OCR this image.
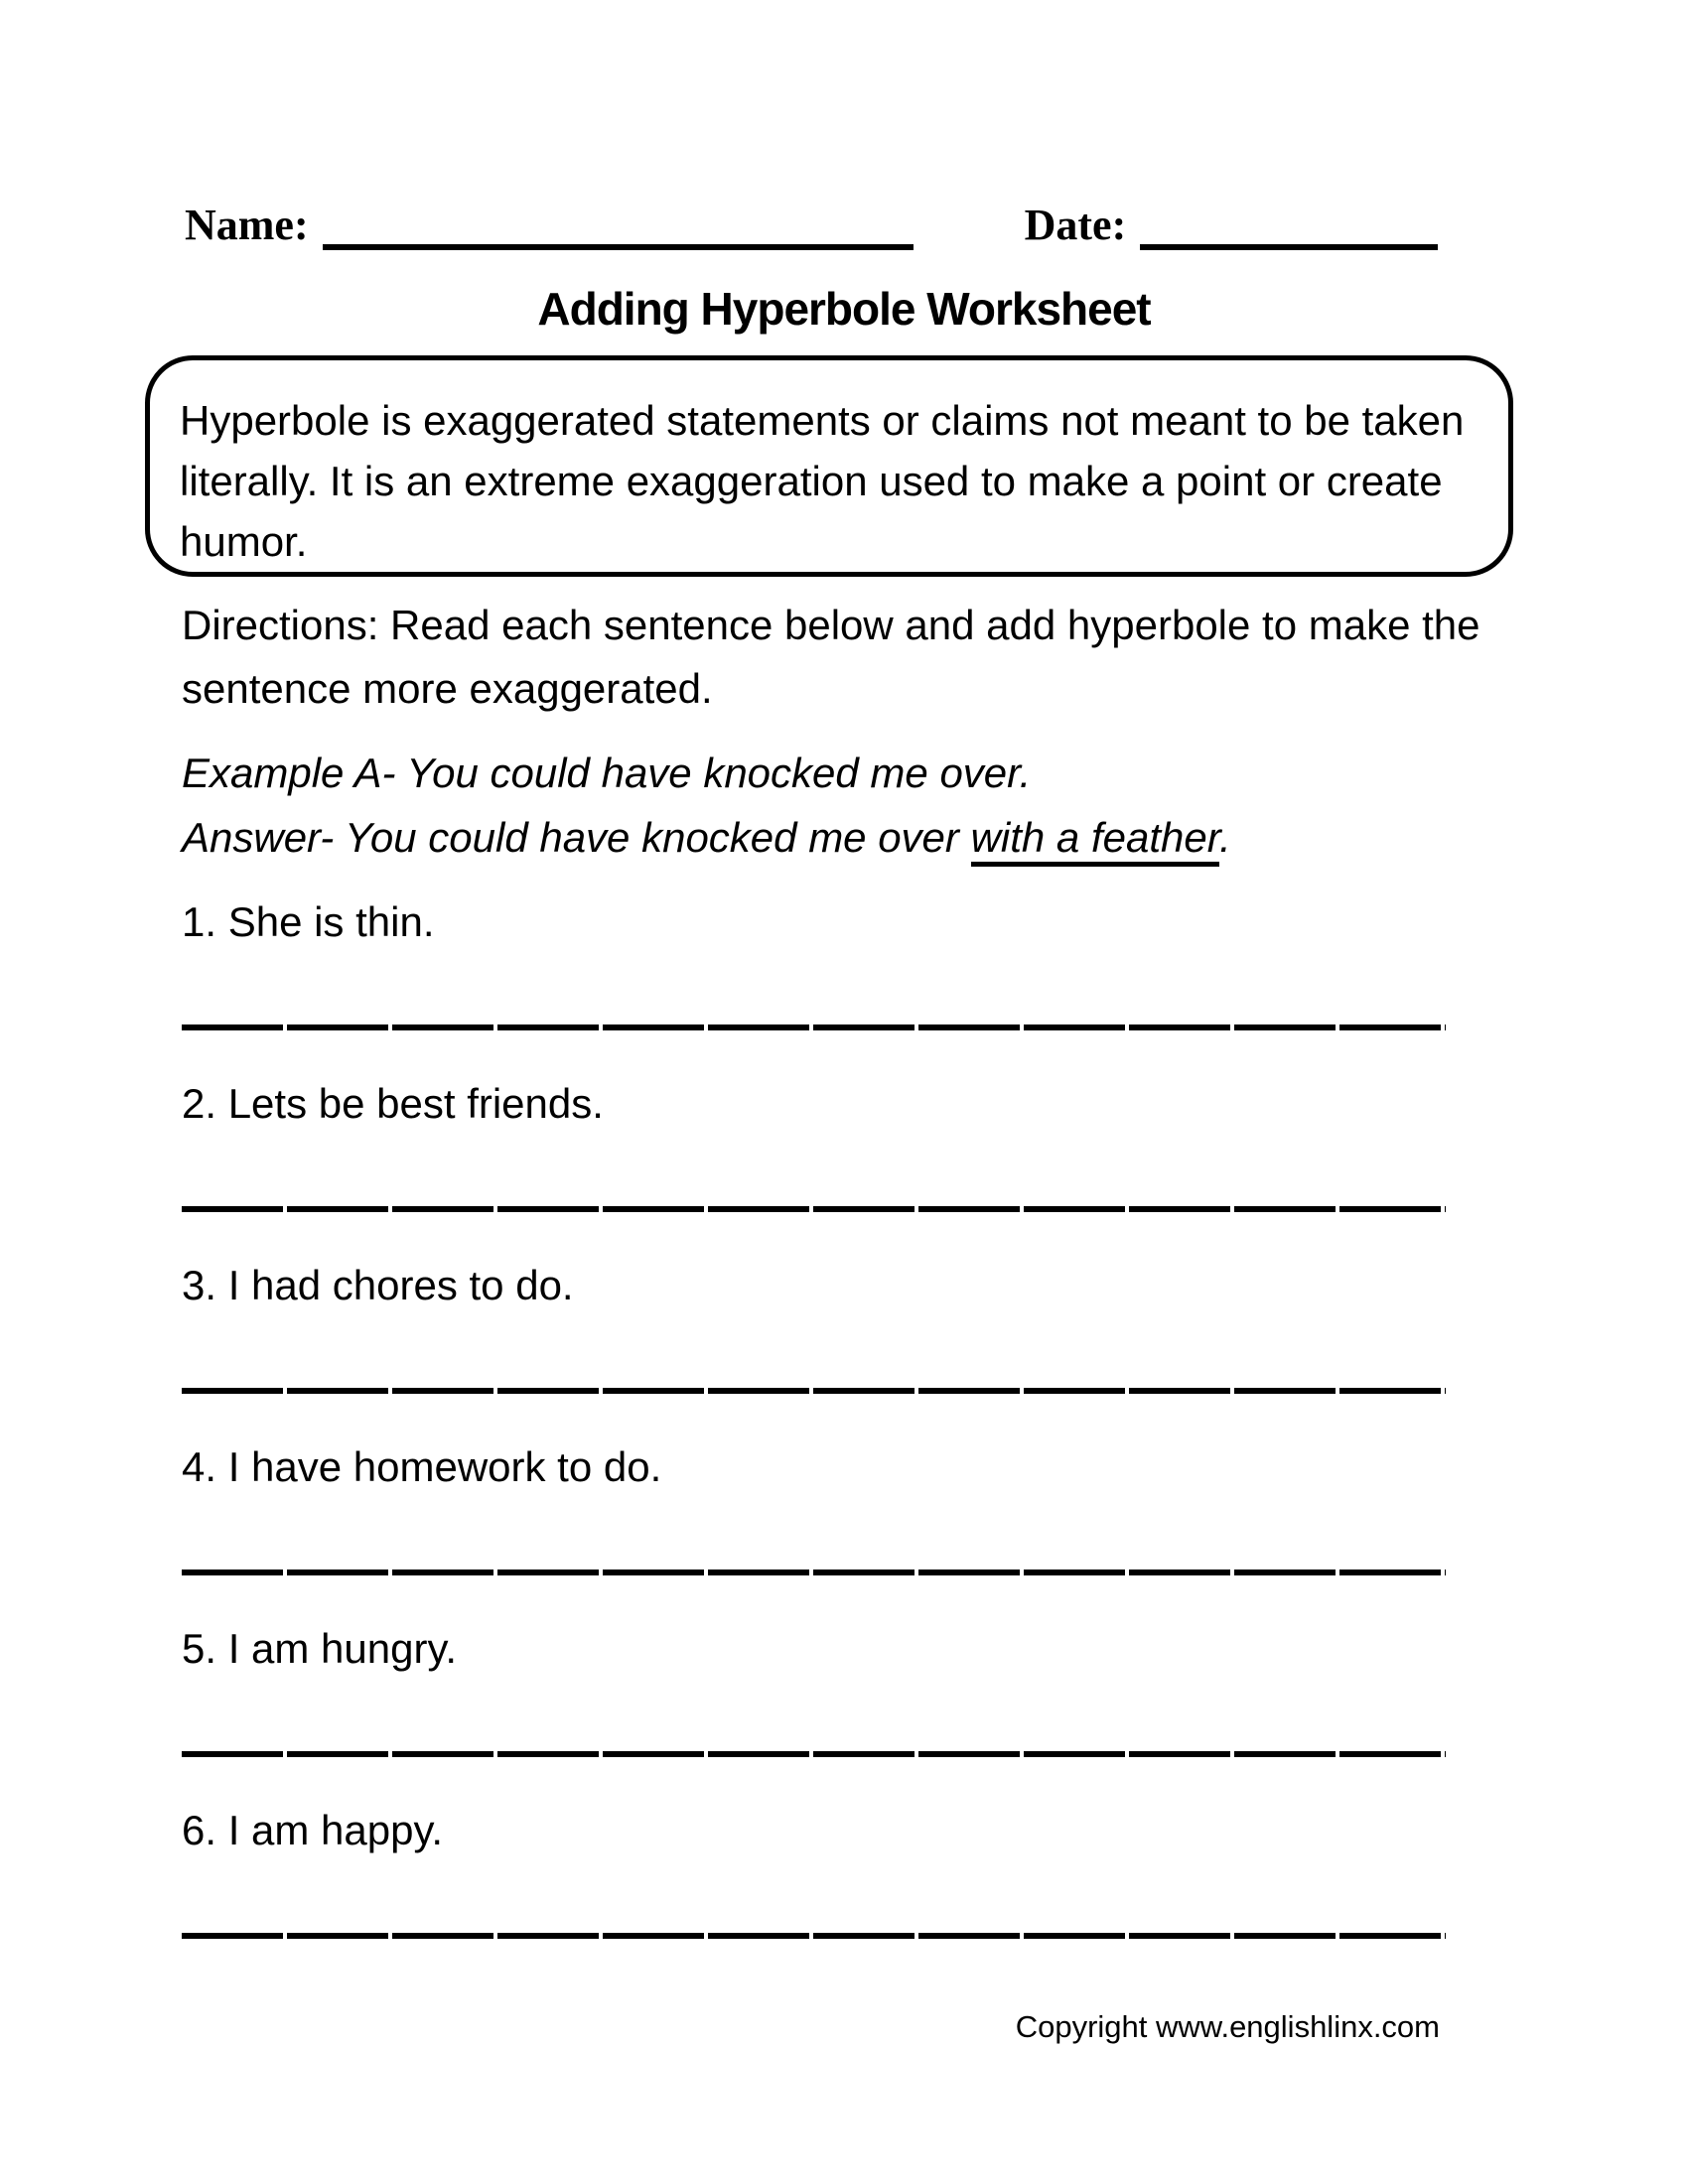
Name:	Date:
Adding Hyperbole Worksheet
Hyperbole is exaggerated statements or claims not meant to be taken
literally. It is an extreme exaggeration used to make a point or create
humor.
Directions: Read each sentence below and add hyperbole to make the
sentence more exaggerated.
Example A- You could have knocked me over.
Answer- You could have knocked me over with a feather.
1. She is thin.
2. Lets be best friends.
3. I had chores to do.
4. I have homework to do.
5. I am hungry.
6. I am happy.
Copyright www.englishlinx.com
